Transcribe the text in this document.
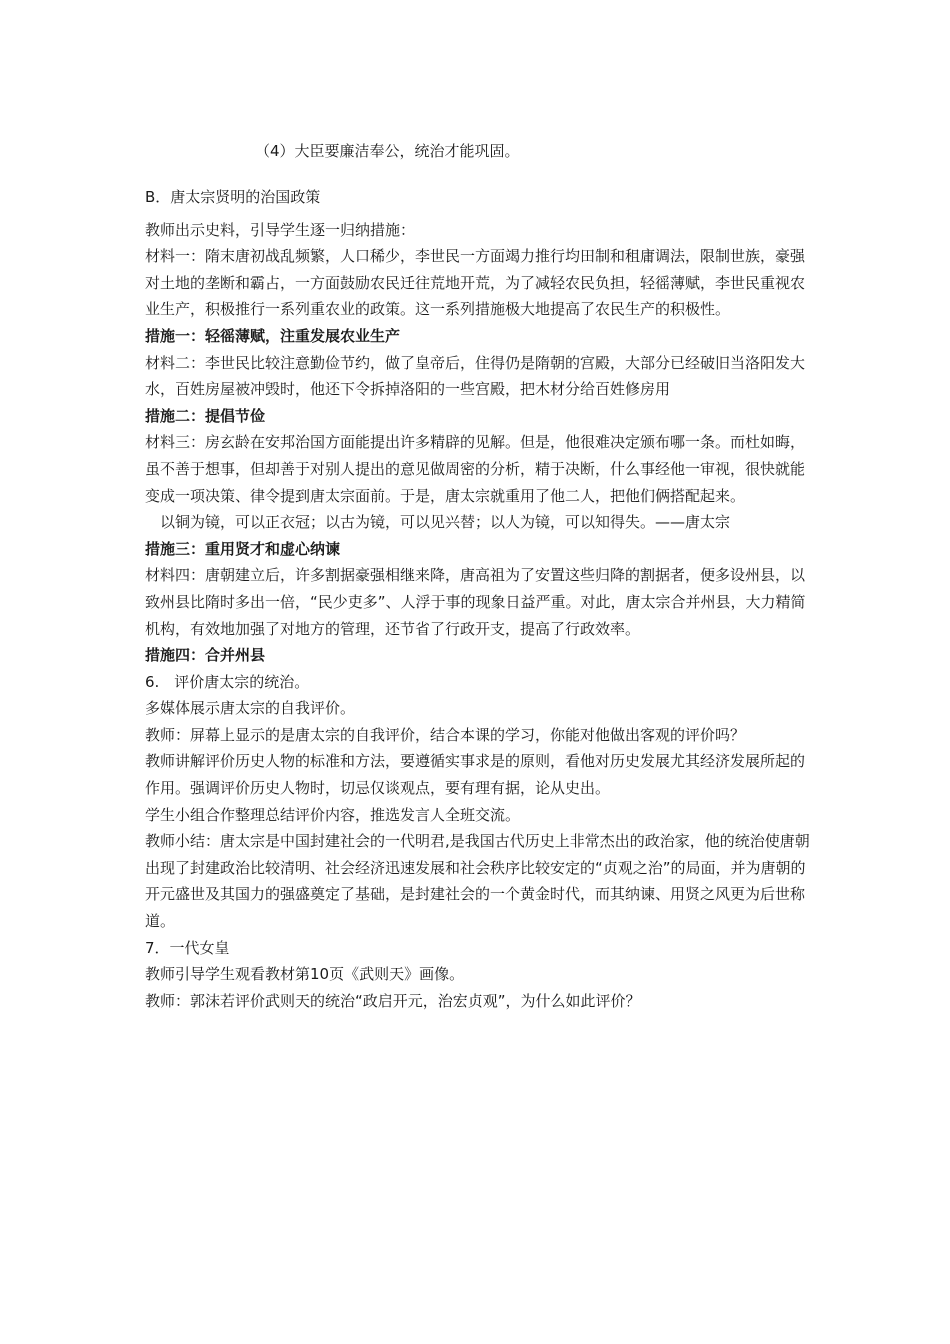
（4）大臣要廉洁奉公，统治才能巩固。

B．唐太宗贤明的治国政策

教师出示史料，引导学生逐一归纳措施：

材料一：隋末唐初战乱频繁，人口稀少，李世民一方面竭力推行均田制和租庸调法，限制世族，豪强对土地的垄断和霸占，一方面鼓励农民迁往荒地开荒，为了减轻农民负担，轻徭薄赋，李世民重视农业生产，积极推行一系列重农业的政策。这一系列措施极大地提高了农民生产的积极性。

措施一：轻徭薄赋，注重发展农业生产

材料二：李世民比较注意勤俭节约，做了皇帝后，住得仍是隋朝的宫殿，大部分已经破旧当洛阳发大水，百姓房屋被冲毁时，他还下令拆掉洛阳的一些宫殿，把木材分给百姓修房用

措施二：提倡节俭

材料三：房玄龄在安邦治国方面能提出许多精辟的见解。但是，他很难决定颁布哪一条。而杜如晦，虽不善于想事，但却善于对别人提出的意见做周密的分析，精于决断，什么事经他一审视，很快就能变成一项决策、律令提到唐太宗面前。于是，唐太宗就重用了他二人，把他们俩搭配起来。

以铜为镜，可以正衣冠；以古为镜，可以见兴替；以人为镜，可以知得失。——唐太宗

措施三：重用贤才和虚心纳谏

材料四：唐朝建立后，许多割据豪强相继来降，唐高祖为了安置这些归降的割据者，便多设州县，以致州县比隋时多出一倍，“民少吏多”、人浮于事的现象日益严重。对此，唐太宗合并州县，大力精简机构，有效地加强了对地方的管理，还节省了行政开支，提高了行政效率。

措施四：合并州县

6.　评价唐太宗的统治。

多媒体展示唐太宗的自我评价。

教师：屏幕上显示的是唐太宗的自我评价，结合本课的学习，你能对他做出客观的评价吗？

教师讲解评价历史人物的标准和方法，要遵循实事求是的原则，看他对历史发展尤其经济发展所起的作用。强调评价历史人物时，切忌仅谈观点，要有理有据，论从史出。

学生小组合作整理总结评价内容，推选发言人全班交流。

教师小结：唐太宗是中国封建社会的一代明君,是我国古代历史上非常杰出的政治家，他的统治使唐朝出现了封建政治比较清明、社会经济迅速发展和社会秩序比较安定的“贞观之治”的局面，并为唐朝的开元盛世及其国力的强盛奠定了基础，是封建社会的一个黄金时代，而其纳谏、用贤之风更为后世称道。

7．一代女皇

教师引导学生观看教材第10页《武则天》画像。

教师：郭沫若评价武则天的统治“政启开元，治宏贞观”，为什么如此评价？
